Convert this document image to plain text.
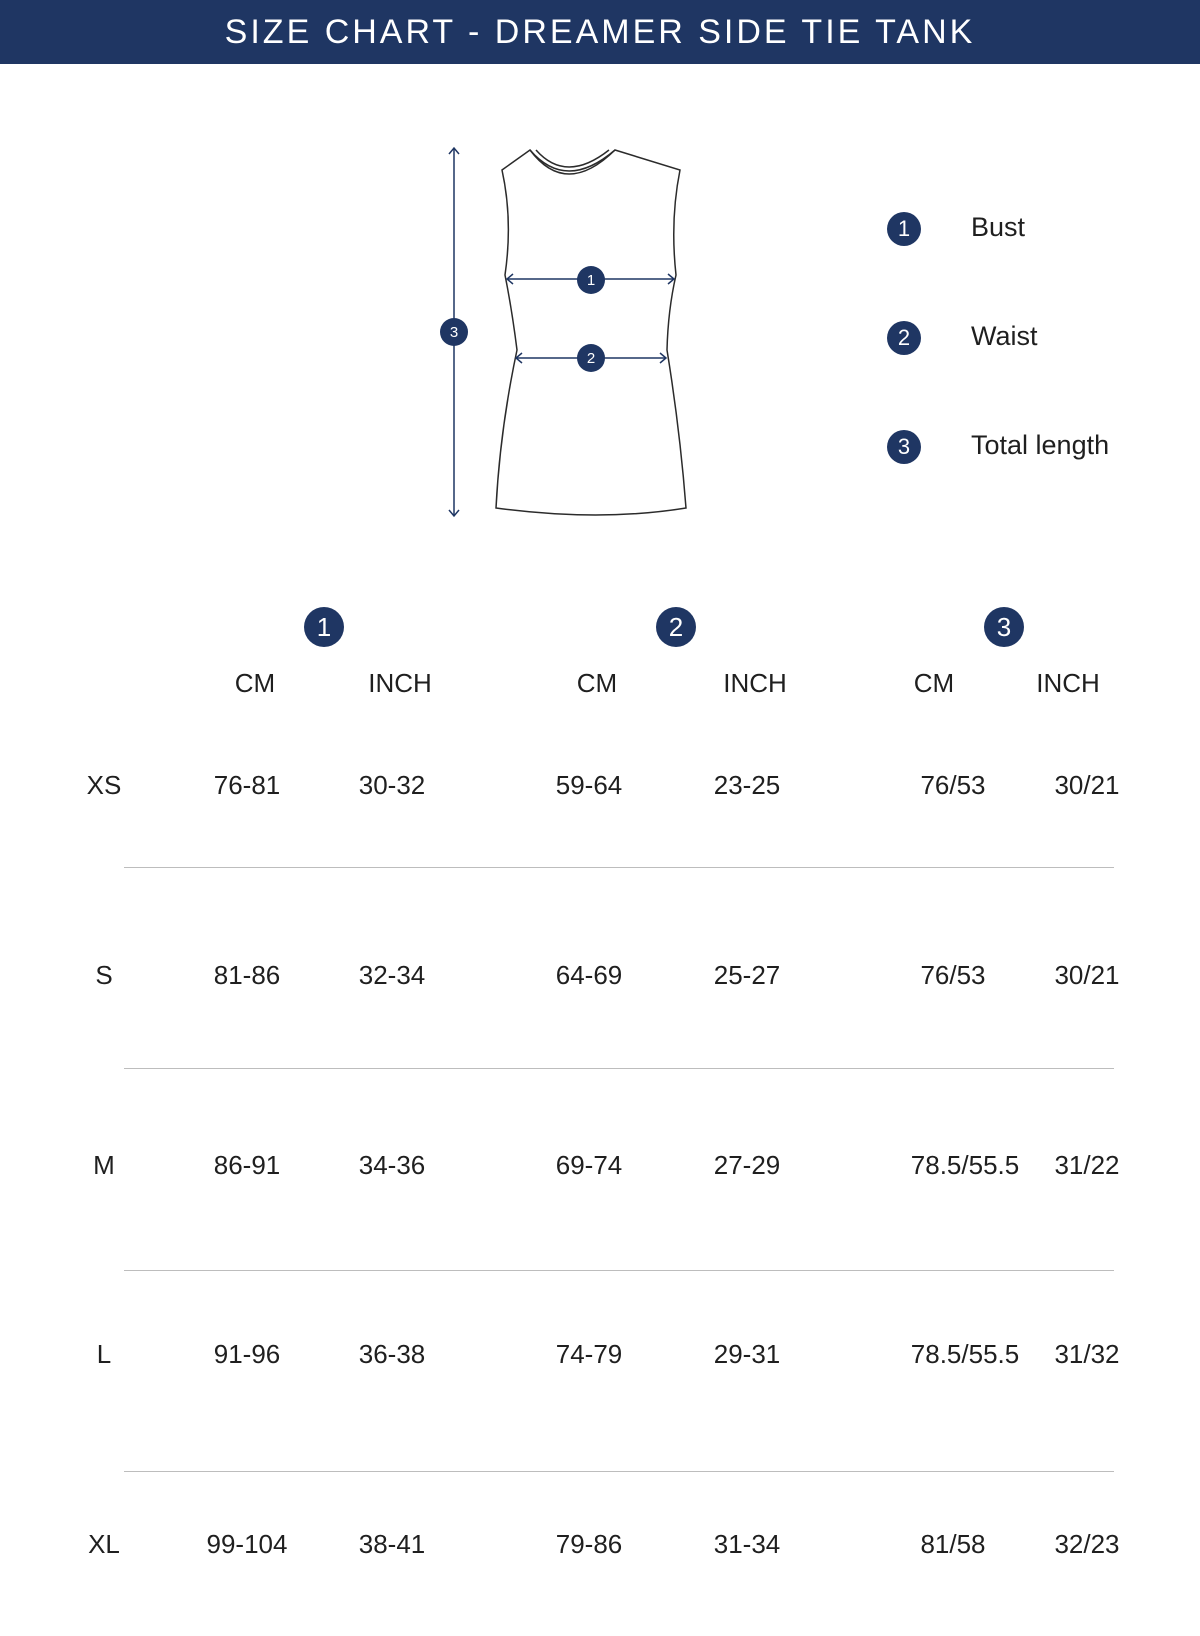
SIZE CHART - DREAMER SIDE TIE TANK
1
2
3
1	Bust
2	Waist
3	Total length
1	2	3
CM	INCH	CM	INCH	CM	INCH
XS	76-81	30-32	59-64	23-25	76/53	30/21
S	81-86	32-34	64-69	25-27	76/53	30/21
M	86-91	34-36	69-74	27-29	78.5/55.5	31/22
L	91-96	36-38	74-79	29-31	78.5/55.5	31/32
XL	99-104	38-41	79-86	31-34	81/58	32/23
